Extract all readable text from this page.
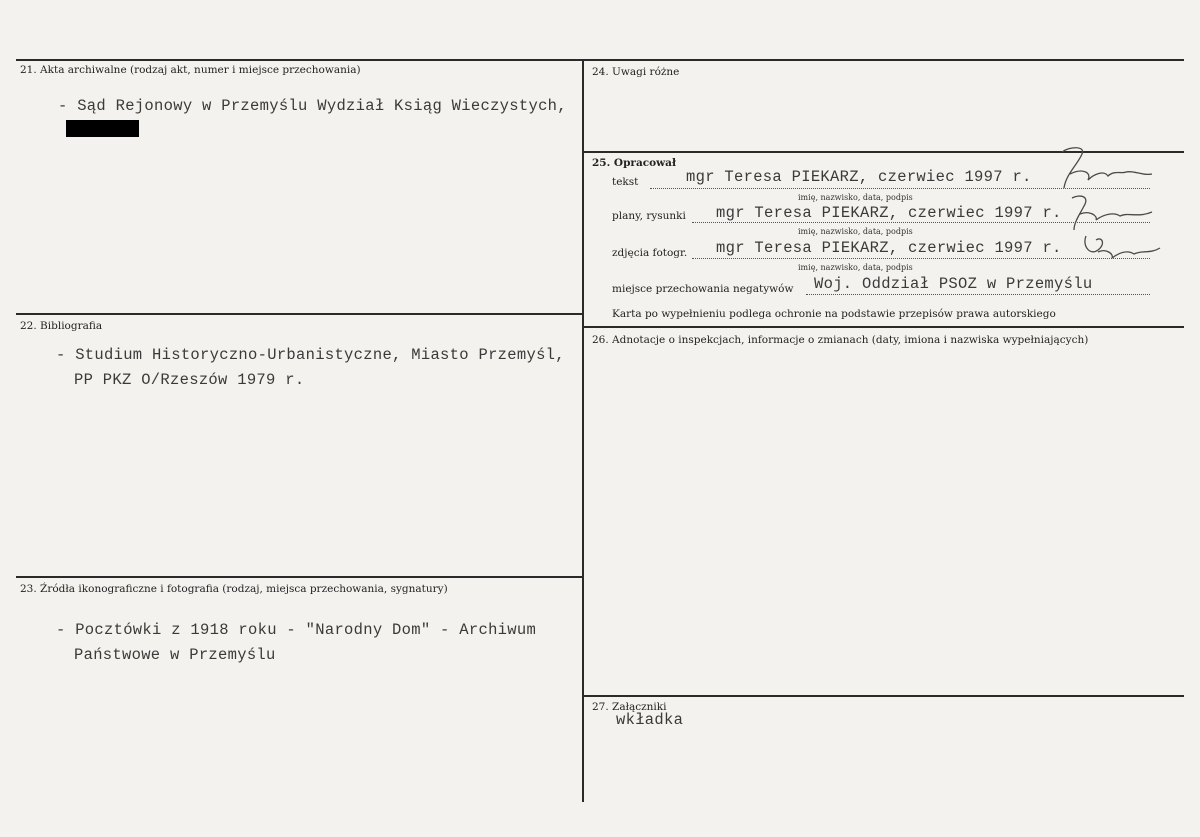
21. Akta archiwalne (rodzaj akt, numer i miejsce przechowania)
- Sąd Rejonowy w Przemyślu Wydział Ksiąg Wieczystych,
22. Bibliografia
- Studium Historyczno-Urbanistyczne, Miasto Przemyśl,
PP PKZ O/Rzeszów 1979 r.
23. Źródła ikonograficzne i fotografia (rodzaj, miejsca przechowania, sygnatury)
- Pocztówki z 1918 roku - "Narodny Dom" - Archiwum
Państwowe w Przemyślu
24. Uwagi różne
25. Opracował
tekst	mgr Teresa PIEKARZ, czerwiec 1997 r.
imię, nazwisko, data, podpis
plany, rysunki mgr Teresa PIEKARZ, czerwiec 1997 r.
imię, nazwisko, data, podpis
zdjęcia fotogr. mgr Teresa PIEKARZ, czerwiec 1997 r.
imię, nazwisko, data, podpis
miejsce przechowania negatywów Woj. Oddział PSOZ w Przemyślu
Karta po wypełnieniu podlega ochronie na podstawie przepisów prawa autorskiego
26. Adnotacje o inspekcjach, informacje o zmianach (daty, imiona i nazwiska wypełniających)
27. Załączniki
wkładka
